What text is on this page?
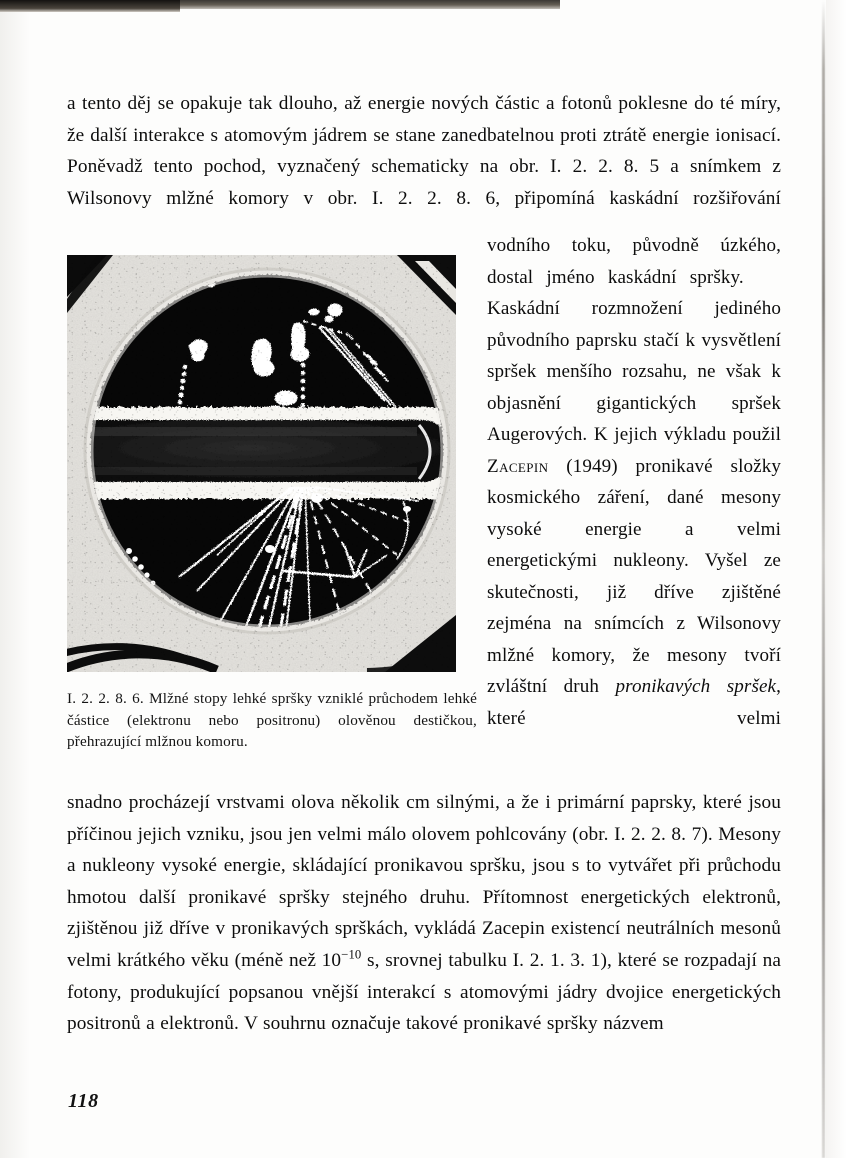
a tento děj se opakuje tak dlouho, až energie nových částic a fotonů poklesne do té míry, že další interakce s atomovým jádrem se stane zanedbatelnou proti ztrátě energie ionisací. Poněvadž tento pochod, vyznačený schematicky na obr. I. 2. 2. 8. 5 a snímkem z Wilsonovy mlžné komory v obr. I. 2. 2. 8. 6, připomíná kaskádní rozšiřování
vodního toku, původně úzkého, dostal jméno kaskádní spršky. Kaskádní rozmnožení jediného původního paprsku stačí k vysvětlení spršek menšího rozsahu, ne však k objasnění gigantických spršek Augerových. K jejich výkladu použil Zacepin (1949) pronikavé složky kosmického záření, dané mesony vysoké energie a velmi energetickými nukleony. Vyšel ze skutečnosti, již dříve zjištěné zejména na snímcích z Wilsonovy mlžné komory, že mesony tvoří zvláštní druh pronikavých spršek, které velmi
I. 2. 2. 8. 6. Mlžné stopy lehké spršky vzniklé průchodem lehké částice (elektronu nebo positronu) olověnou destičkou, přehrazující mlžnou komoru.
snadno procházejí vrstvami olova několik cm silnými, a že i primární paprsky, které jsou příčinou jejich vzniku, jsou jen velmi málo olovem pohlcovány (obr. I. 2. 2. 8. 7). Mesony a nukleony vysoké energie, skládající pronikavou spršku, jsou s to vytvářet při průchodu hmotou další pronikavé spršky stejného druhu. Přítomnost energetických elektronů, zjištěnou již dříve v pronikavých sprškách, vykládá Zacepin existencí neutrálních mesonů velmi krátkého věku (méně než $10^{-10}$ s, srovnej tabulku I. 2. 1. 3. 1), které se rozpadají na fotony, produkující popsanou vnější interakcí s atomovými jádry dvojice energetických positronů a elektronů. V souhrnu označuje takové pronikavé spršky názvem
118
